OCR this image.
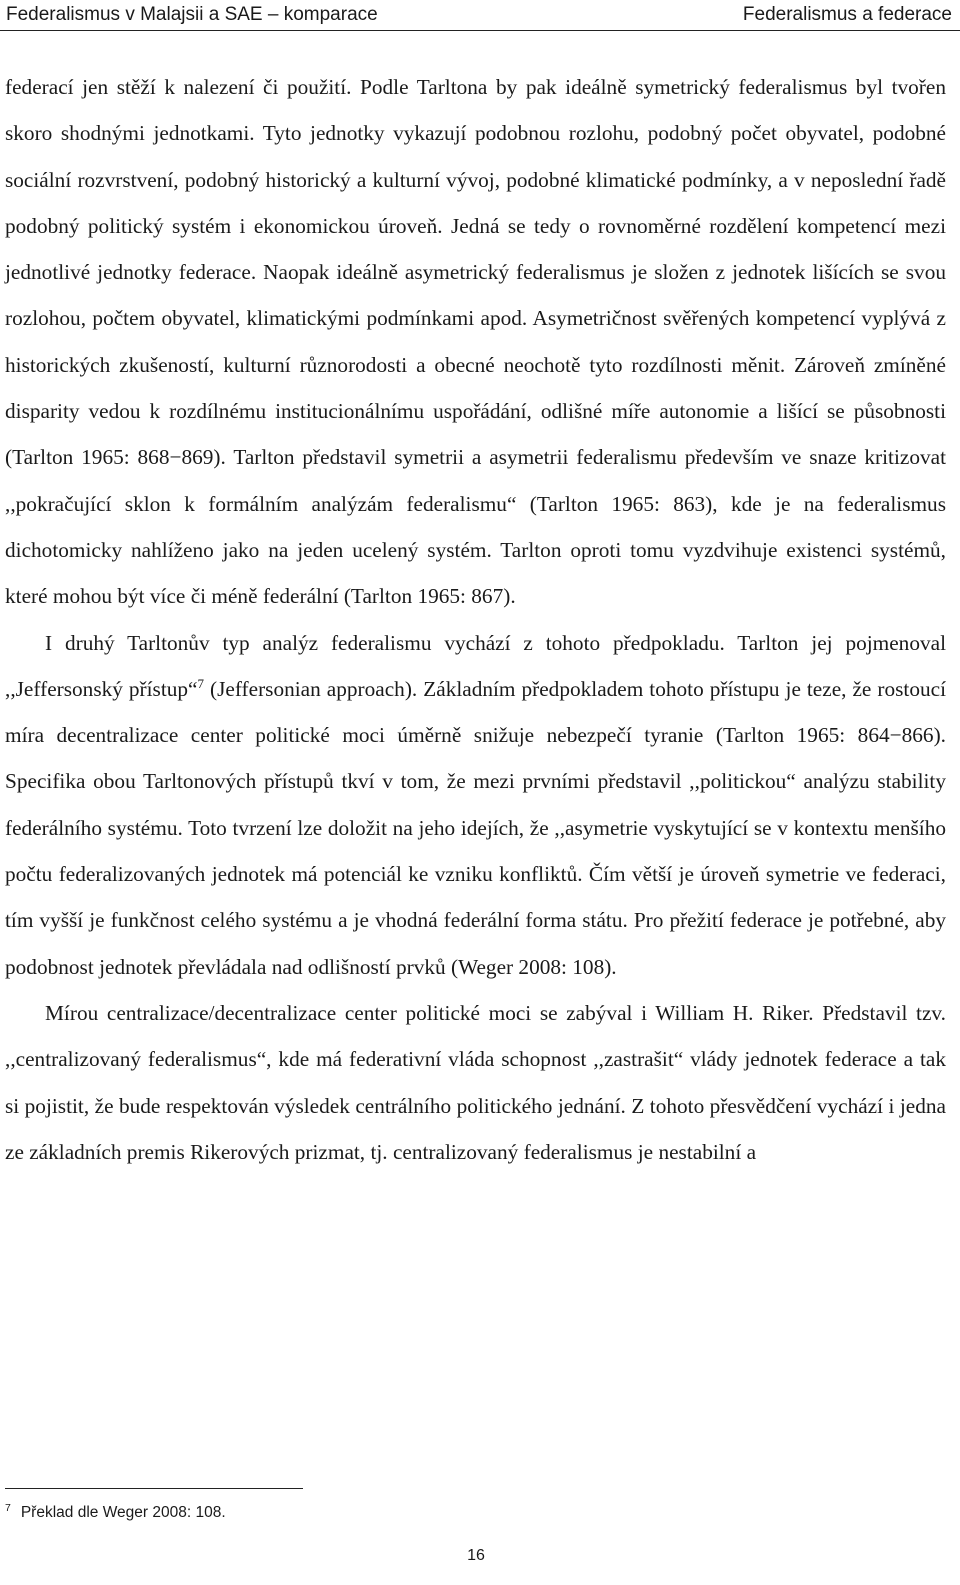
Federalismus v Malajsii a SAE – komparace	Federalismus a federace

federací jen stěží k nalezení či použití. Podle Tarltona by pak ideálně symetrický federalismus byl tvořen skoro shodnými jednotkami. Tyto jednotky vykazují podobnou rozlohu, podobný počet obyvatel, podobné sociální rozvrstvení, podobný historický a kulturní vývoj, podobné klimatické podmínky, a v neposlední řadě podobný politický systém i ekonomickou úroveň. Jedná se tedy o rovnoměrné rozdělení kompetencí mezi jednotlivé jednotky federace. Naopak ideálně asymetrický federalismus je složen z jednotek lišících se svou rozlohou, počtem obyvatel, klimatickými podmínkami apod. Asymetričnost svěřených kompetencí vyplývá z historických zkušeností, kulturní různorodosti a obecné neochotě tyto rozdílnosti měnit. Zároveň zmíněné disparity vedou k rozdílnému institucionálnímu uspořádání, odlišné míře autonomie a lišící se působnosti (Tarlton 1965: 868−869). Tarlton představil symetrii a asymetrii federalismu především ve snaze kritizovat ,,pokračující sklon k formálním analýzám federalismu“ (Tarlton 1965: 863), kde je na federalismus dichotomicky nahlíženo jako na jeden ucelený systém. Tarlton oproti tomu vyzdvihuje existenci systémů, které mohou být více či méně federální (Tarlton 1965: 867).

I druhý Tarltonův typ analýz federalismu vychází z tohoto předpokladu. Tarlton jej pojmenoval ,,Jeffersonský přístup“$^7$ (Jeffersonian approach). Základním předpokladem tohoto přístupu je teze, že rostoucí míra decentralizace center politické moci úměrně snižuje nebezpečí tyranie (Tarlton 1965: 864−866). Specifika obou Tarltonových přístupů tkví v tom, že mezi prvními představil ,,politickou“ analýzu stability federálního systému. Toto tvrzení lze doložit na jeho idejích, že ,,asymetrie vyskytující se v kontextu menšího počtu federalizovaných jednotek má potenciál ke vzniku konfliktů. Čím větší je úroveň symetrie ve federaci, tím vyšší je funkčnost celého systému a je vhodná federální forma státu. Pro přežití federace je potřebné, aby podobnost jednotek převládala nad odlišností prvků (Weger 2008: 108).

Mírou centralizace/decentralizace center politické moci se zabýval i William H. Riker. Představil tzv. ,,centralizovaný federalismus“, kde má federativní vláda schopnost ,,zastrašit“ vlády jednotek federace a tak si pojistit, že bude respektován výsledek centrálního politického jednání. Z tohoto přesvědčení vychází i jedna ze základních premis Rikerových prizmat, tj. centralizovaný federalismus je nestabilní a

$^7$ Překlad dle Weger 2008: 108.
16
